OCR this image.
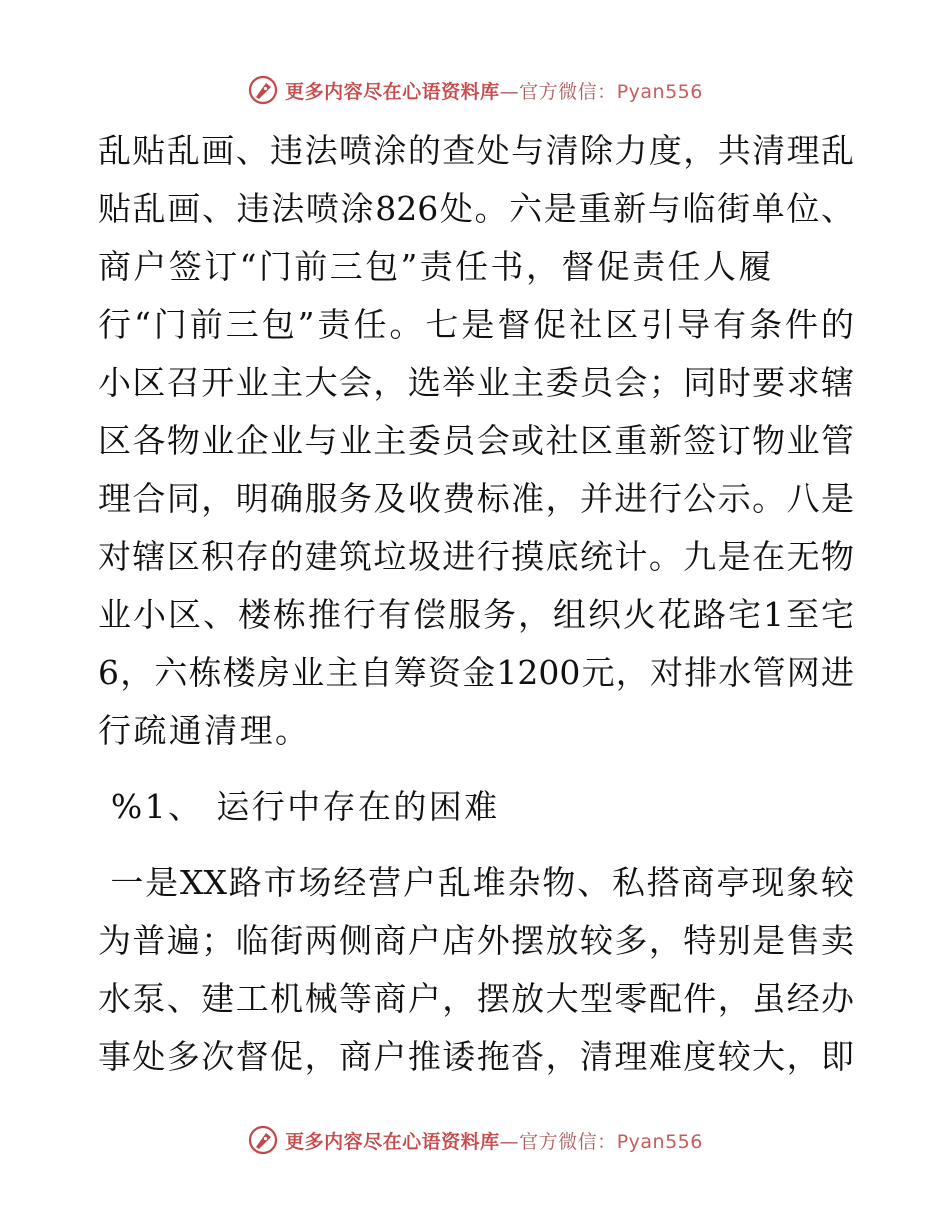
更多内容尽在心语资料库—官方微信：Pyan556
乱贴乱画、违法喷涂的查处与清除力度，共清理乱
贴乱画、违法喷涂826处。六是重新与临街单位、
商户签订“门前三包”责任书，督促责任人履
行“门前三包”责任。七是督促社区引导有条件的
小区召开业主大会，选举业主委员会；同时要求辖
区各物业企业与业主委员会或社区重新签订物业管
理合同，明确服务及收费标准，并进行公示。八是
对辖区积存的建筑垃圾进行摸底统计。九是在无物
业小区、楼栋推行有偿服务，组织火花路宅1至宅
6，六栋楼房业主自筹资金1200元，对排水管网进
行疏通清理。
%1、 运行中存在的困难
一是XX路市场经营户乱堆杂物、私搭商亭现象较
为普遍；临街两侧商户店外摆放较多，特别是售卖
水泵、建工机械等商户，摆放大型零配件，虽经办
事处多次督促，商户推诿拖沓，清理难度较大，即
更多内容尽在心语资料库—官方微信：Pyan556
